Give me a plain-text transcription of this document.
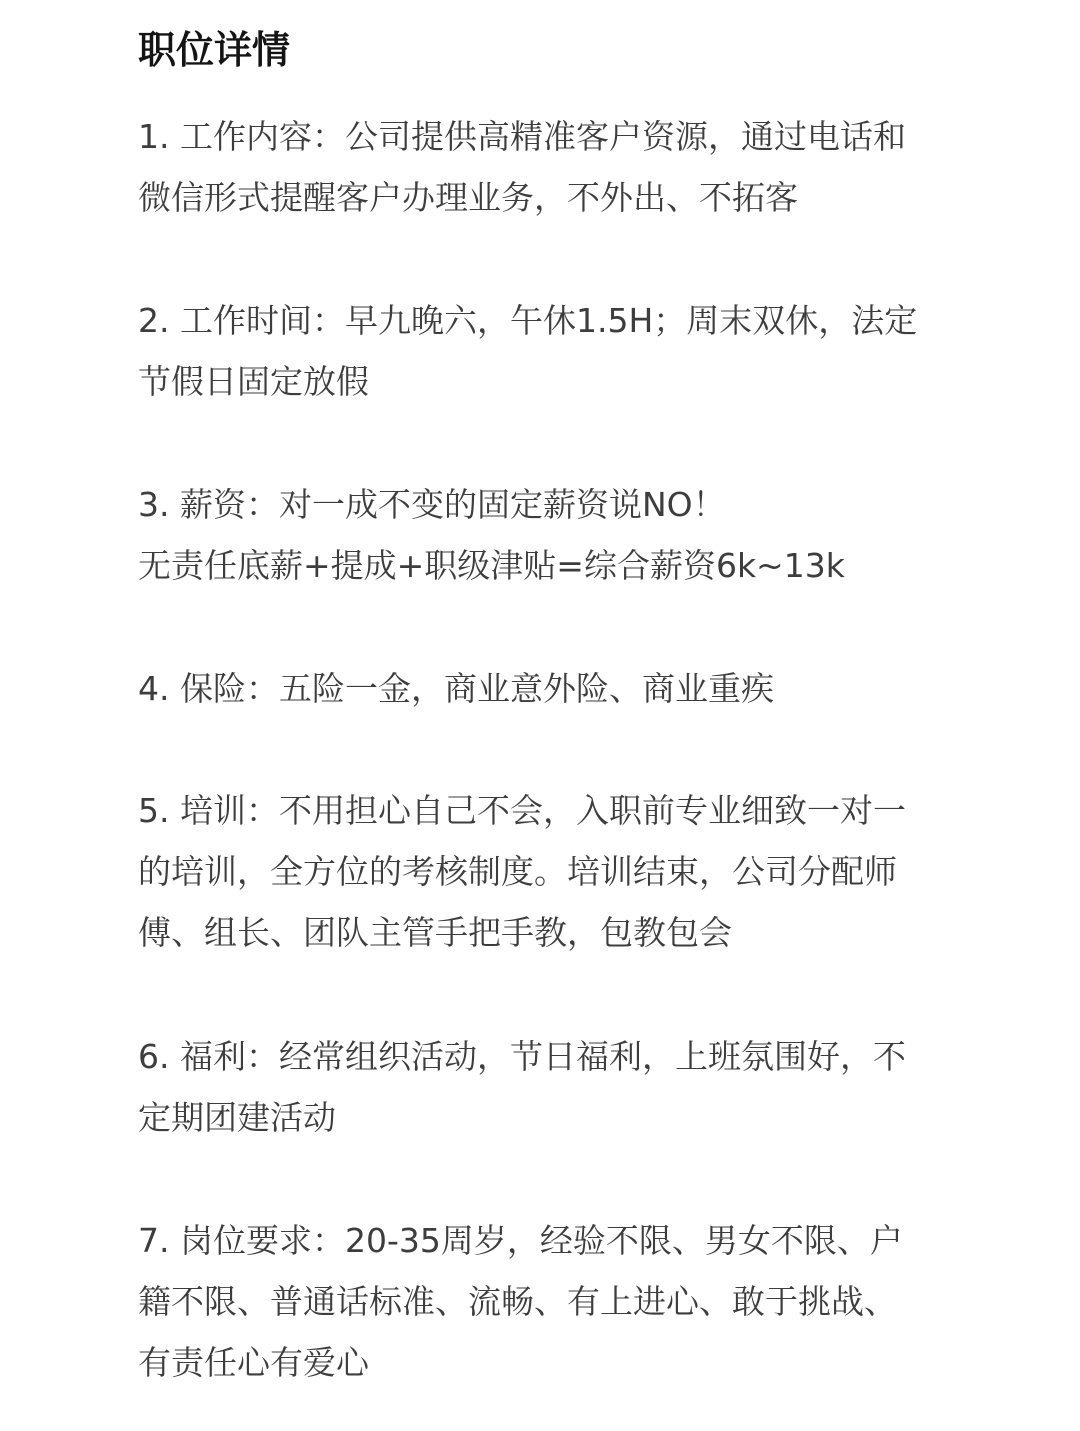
职位详情
1. 工作内容：公司提供高精准客户资源，通过电话和
微信形式提醒客户办理业务，不外出、不拓客
2. 工作时间：早九晚六，午休1.5H；周末双休，法定
节假日固定放假
3. 薪资：对一成不变的固定薪资说NO！
无责任底薪+提成+职级津贴=综合薪资6k~13k
4. 保险：五险一金，商业意外险、商业重疾
5. 培训：不用担心自己不会，入职前专业细致一对一
的培训，全方位的考核制度。培训结束，公司分配师
傅、组长、团队主管手把手教，包教包会
6. 福利：经常组织活动，节日福利，上班氛围好，不
定期团建活动
7. 岗位要求：20-35周岁，经验不限、男女不限、户
籍不限、普通话标准、流畅、有上进心、敢于挑战、
有责任心有爱心
